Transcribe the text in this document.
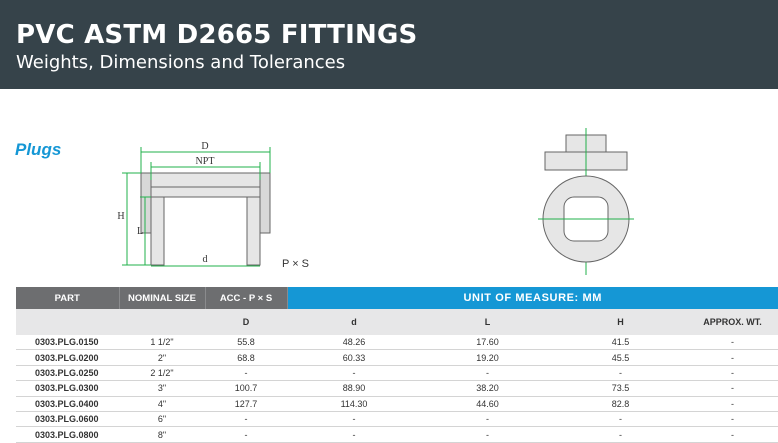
PVC ASTM D2665 FITTINGS
Weights, Dimensions and Tolerances
Plugs	D
NPT
H
L
d	P × S
PART	NOMINAL SIZE	ACC - P × S	UNIT OF MEASURE: MM			
		D	d	L	H	APPROX. WT.
0303.PLG.0150	1 1/2"	55.8	48.26	17.60	41.5	-
0303.PLG.0200	2"	68.8	60.33	19.20	45.5	-
0303.PLG.0250	2 1/2"	-	-	-	-	-
0303.PLG.0300	3"	100.7	88.90	38.20	73.5	-
0303.PLG.0400	4"	127.7	114.30	44.60	82.8	-
0303.PLG.0600	6"	-	-	-	-	-
0303.PLG.0800	8"	-	-	-	-	-
